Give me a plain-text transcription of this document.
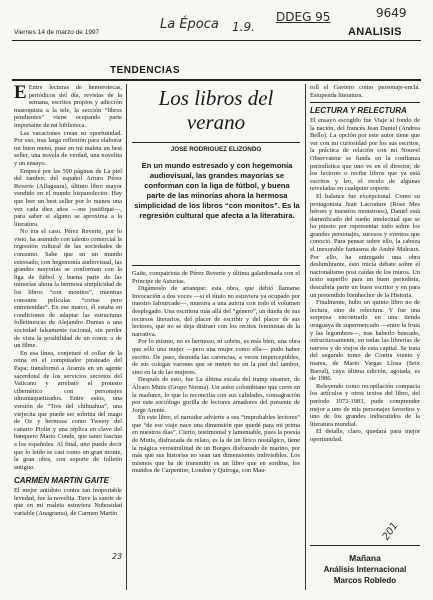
9649
La Época 1.9.
DDEG 95
Viernes 14 de marzo de 1997	ANALISIS
TENDENCIAS

E Entre lecturas de hemerotecas, periódicos del día, revistas de la semana, escritos propios y adicción masoquista a la tele, la sección “libros pendientes” viene ocupando parte importante de mi biblioteca.

Las vacaciones crean su oportunidad. Por eso, tras larga reflexión para elaborar mi buen menú, puse en mi maleta un best seller, una novela de verdad, una novelita y un ensayo.

Empecé por las 590 páginas de La piel del tambor, del español Arturo Pérez Reverte (Alfaguara), último libro mayor vendido en el mundo hispanolector. Hay que leer un best seller por lo menos una vez cada diez años —me justifiqué—, para saber si alguno se aproxima a la literatura.

No era el caso. Pérez Reverte, por lo visto, ha asumido con talento comercial la regresión cultural de las sociedades de consumo. Sabe que en un mundo estresado, con hegemonía audiovisual, las grandes mayorías se conforman con la liga de fútbol y buena parte de las minorías ahora la hermosa simplicidad de los libros “con monitos”, mientras consume películas “cortas pero entretenidas”. En ese marco, él estaba en condiciones de adaptar las estructuras folletinescas de Alejandro Dumas a una sociedad falsamente racional, sin perder de vista la posibilidad de un comic o de un filme.

En esa línea, conjeturé el collar de la reina en el computador pirateado del Papa; transformó a Aramis en un agente sacerdotal de los servicios secretos del Vaticano y arrebató el protesto cibernético con personajes ultramaquetizados. Entre estos, una versión de “Tres del chihuahua”, una viejecita que puede ser sobrina del mago de Oz y hermosa como Tweety del canario Piolín y una réplica en clave del banquero Mario Conde, que tanto fascina a los españoles. Al final, uno puede decir que lo leído es casi como un gran monte, la gran obra, con soporte de folletín antiguo.

CARMEN MARTIN GAITE

El mejor antídoto contra tan inoportable levedad, fue la novelita. Tuve la suerte de que en mi maleta estuviera Nubosidad variable (Anagrama), de Carmen Martín

Los libros del verano
JOSE RODRIGUEZ ELIZONDO
En un mundo estresado y con hegemonía audiovisual, las grandes mayorías se conforman con la liga de fútbol, y buena parte de las minorías ahora la hermosa simplicidad de los libros “con monitos”. Es la regresión cultural que afecta a la literatura.

Gaite, compatriota de Pérez Reverte y última galardonada con el Príncipe de Asturias.

Digámoslo de arranque: esta obra, que debió llamarse Invocación a dos voces —si el título no estuviera ya ocupado por nuestro Iafourcade—, muestra a una autora con todo el volumen desplegado. Una escritora más allá del “género”, un dueña de sus recursos literarios, del placer de escribir y del placer de sus lectores, que no se deja distraer con los recitos feministas de la narrativa.

Por lo mismo, no es hermoso, ni sobrio, es más bien, una obra que sólo una mujer —pero una mujer como ella— pudo haber escrito. De paso, desnuda las carencias, a veces imperceptibles, de sus colegas varones que se meten no en la piel del tambor, sino en la de las mujeres.

Después de esto, fue La última escala del tramp steamer, de Álvaro Mutis (Grupo Norma). Un autor colombiano que corre en la madurez, lo que lo reconcilia con sus calidades, consagración por este sociólogo gorilla de lectores amadores del presente de Jorge Arente.

En este libro, el narrador advierte a sus “improbables lectores” que “de ese viaje nace una dimensión que quedé para mi prima en nuestros días”. Cierto, testimonial y lamentable, pues la poesía de Mutis, disfrazada de relato, es la de un lírico nostálgico, tiene la mágica verosimilitud de un Borges disfrazado de marino, por más que sus historias no sean tan dimensiones indivisibles. Los mismos que ha de transmitir es un libro que en sordina, los mundos de Carpentier, London y Quiroga, con Mau-

roll el Gaviero como personaje-enclá. Estupenda literatura.

LECTURA Y RELECTURA

El ensayo escogido fue Viaje al fondo de la nación, del francés Jean Daniel (Andrea Bello). La opción por este autor tiene que ver con mi curiosidad por los sus escritos, la práctica de relación con mi Nouvel Observateur se funda en la confianza periodística que uno ve en el director, de los lectores o recibe libros que ya está escritos y leo, el recelo de algunas noveladas en cualquier soporte.

El balance fue excepcional. Como su protagonista Jean Lacouture (Rose Mes héroes y nuestros monstruos), Daniel está damnificado del sueño intelectual que se ha puesto por representar todo sobre los grandes personajes, sucesos y eventos que conoció. Para pensar sobre ello, la cabeza el inexorable fantasma de André Malraux. Por ello, ha entregado una obra deslumbrante, ésto inicia debate sobre el nacionalismo post caídas de los muros. Un texto superflo para un buen periodista, descubría parte un buen escritor y en para un pretendido bienhechor de la Historia.

Finalmente, hubo un quinto libro no de lectura, sino de relectura. Y fue una sorpresa encontrarlo en una tienda uruguaya de supermercado —entre la fruta y las legumbres—, tras haberlo buscado, infructuosamente, en todas las librerías de nuevos y de viejos de esta capital. Se trata del segundo tomo de Contra viento y marea, de Mario Vargas Llosa (Seix Barral), cuya última edición, agotada, es de 1986.

Releyendo como recopilación compacta los artículos y otros textos del libro, del período 1972-1983, pude comprender mejor a uno de mis personajes favoritos y uno de los grandes indiscutidos de la literatura mundial.

El detalle, claro, quedará para mejor oportunidad.

Mañana
Análisis Internacional
Marcos Robledo
23
201
